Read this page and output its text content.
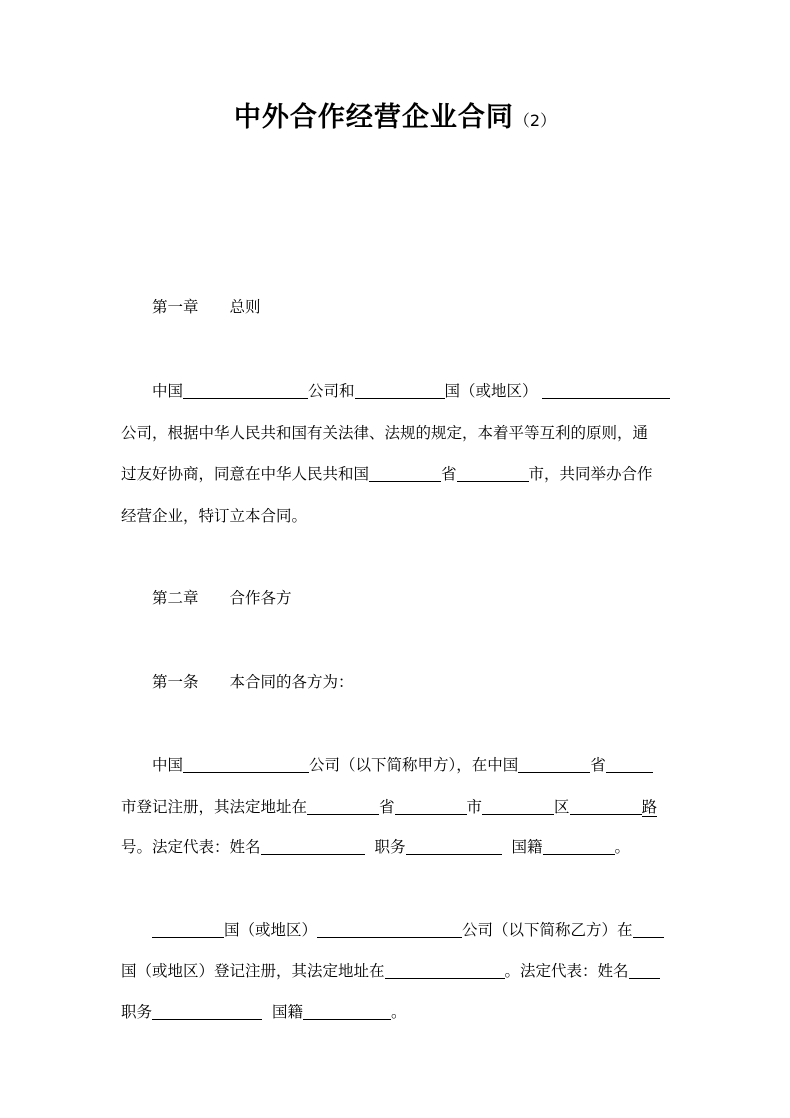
中外合作经营企业合同（2）
第一章 总则
中国	公司和	国（或地区）
公司，根据中华人民共和国有关法律、法规的规定，本着平等互利的原则，通
过友好协商，同意在中华人民共和国	省	市，共同举办合作
经营企业，特订立本合同。
第二章 合作各方
第一条 本合同的各方为：
中国	公司（以下简称甲方），在中国	省
市登记注册，其法定地址在	省	市	区	路
号。法定代表：姓名	职务	国籍	。
国（或地区）	公司（以下简称乙方）在
国（或地区）登记注册，其法定地址在	。法定代表：姓名
职务	国籍	。
